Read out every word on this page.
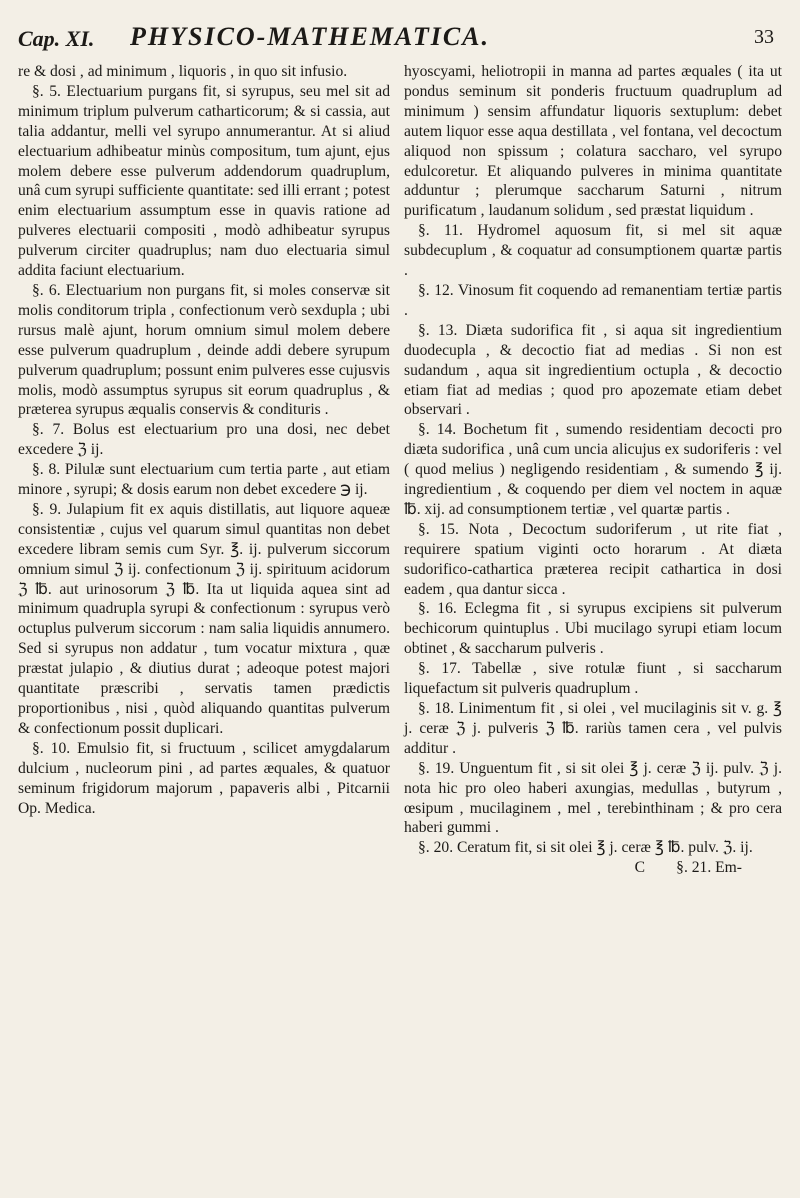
Cap. XI. PHYSICO-MATHEMATICA.	33

re & dosi , ad minimum , liquoris , in quo sit infusio.

§. 5. Electuarium purgans fit, si syrupus, seu mel sit ad minimum triplum pulverum catharticorum; & si cassia, aut talia addantur, melli vel syrupo annumerantur. At si aliud electuarium adhibeatur minùs compositum, tum ajunt, ejus molem debere esse pulverum addendorum quadruplum, unâ cum syrupi sufficiente quantitate: sed illi errant ; potest enim electuarium assumptum esse in quavis ratione ad pulveres electuarii compositi , modò adhibeatur syrupus pulverum circiter quadruplus; nam duo electuaria simul addita faciunt electuarium.

§. 6. Electuarium non purgans fit, si moles conservæ sit molis conditorum tripla , confectionum verò sexdupla ; ubi rursus malè ajunt, horum omnium simul molem debere esse pulverum quadruplum , deinde addi debere syrupum pulverum quadruplum; possunt enim pulveres esse cujusvis molis, modò assumptus syrupus sit eorum quadruplus , & præterea syrupus æqualis conservis & condituris .

§. 7. Bolus est electuarium pro una dosi, nec debet excedere ℨ ij.

§. 8. Pilulæ sunt electuarium cum tertia parte , aut etiam minore , syrupi; & dosis earum non debet excedere ℈ ij.

§. 9. Julapium fit ex aquis distillatis, aut liquore aqueæ consistentiæ , cujus vel quarum simul quantitas non debet excedere libram semis cum Syr. ℥. ij. pulverum siccorum omnium simul ℨ ij. confectionum ℨ ij. spirituum acidorum ℨ ℔. aut urinosorum ℨ ℔. Ita ut liquida aquea sint ad minimum quadrupla syrupi & confectionum : syrupus verò octuplus pulverum siccorum : nam salia liquidis annumero. Sed si syrupus non addatur , tum vocatur mixtura , quæ præstat julapio , & diutius durat ; adeoque potest majori quantitate præscribi , servatis tamen prædictis proportionibus , nisi , quòd aliquando quantitas pulverum & confectionum possit duplicari.

§. 10. Emulsio fit, si fructuum , scilicet amygdalarum dulcium , nucleorum pini , ad partes æquales, & quatuor seminum frigidorum majorum , papaveris albi , Pitcarnii Op. Medica.

hyoscyami, heliotropii in manna ad partes æquales ( ita ut pondus seminum sit ponderis fructuum quadruplum ad minimum ) sensim affundatur liquoris sextuplum: debet autem liquor esse aqua destillata , vel fontana, vel decoctum aliquod non spissum ; colatura saccharo, vel syrupo edulcoretur. Et aliquando pulveres in minima quantitate adduntur ; plerumque saccharum Saturni , nitrum purificatum , laudanum solidum , sed præstat liquidum .

§. 11. Hydromel aquosum fit, si mel sit aquæ subdecuplum , & coquatur ad consumptionem quartæ partis .

§. 12. Vinosum fit coquendo ad remanentiam tertiæ partis .

§. 13. Diæta sudorifica fit , si aqua sit ingredientium duodecupla , & decoctio fiat ad medias . Si non est sudandum , aqua sit ingredientium octupla , & decoctio etiam fiat ad medias ; quod pro apozemate etiam debet observari .

§. 14. Bochetum fit , sumendo residentiam decocti pro diæta sudorifica , unâ cum uncia alicujus ex sudoriferis : vel ( quod melius ) negligendo residentiam , & sumendo ℥ ij. ingredientium , & coquendo per diem vel noctem in aquæ ℔. xij. ad consumptionem tertiæ , vel quartæ partis .

§. 15. Nota , Decoctum sudoriferum , ut rite fiat , requirere spatium viginti octo horarum . At diæta sudorifico-cathartica præterea recipit cathartica in dosi eadem , qua dantur sicca .

§. 16. Eclegma fit , si syrupus excipiens sit pulverum bechicorum quintuplus . Ubi mucilago syrupi etiam locum obtinet , & saccharum pulveris .

§. 17. Tabellæ , sive rotulæ fiunt , si saccharum liquefactum sit pulveris quadruplum .

§. 18. Linimentum fit , si olei , vel mucilaginis sit v. g. ℥ j. ceræ ℨ j. pulveris ℨ ℔. rariùs tamen cera , vel pulvis additur .

§. 19. Unguentum fit , si sit olei ℥ j. ceræ ℨ ij. pulv. ℨ j. nota hic pro oleo haberi axungias, medullas , butyrum , œsipum , mucilaginem , mel , terebinthinam ; & pro cera haberi gummi .

§. 20. Ceratum fit, si sit olei ℥ j. ceræ ℥ ℔. pulv. ℨ. ij.

C §. 21. Em-
